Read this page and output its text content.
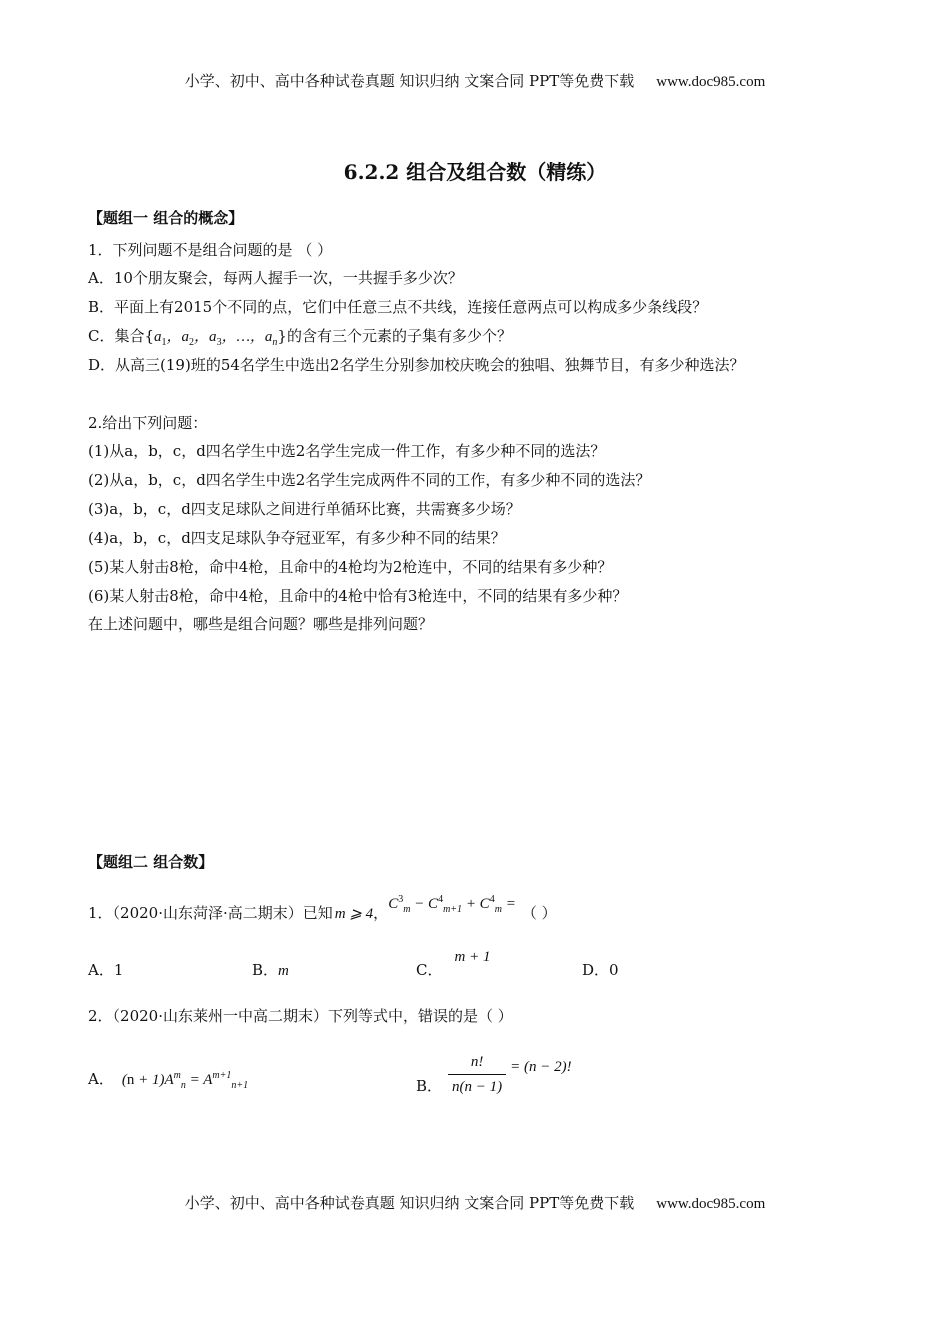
小学、初中、高中各种试卷真题 知识归纳 文案合同 PPT等免费下载 www.doc985.com
6.2.2 组合及组合数（精练）
【题组一 组合的概念】
1．下列问题不是组合问题的是 （ ）
A．10个朋友聚会，每两人握手一次，一共握手多少次？
B．平面上有2015个不同的点，它们中任意三点不共线，连接任意两点可以构成多少条线段？
C．集合{$a_1$，$a_2$，$a_3$，…，$a_n$}的含有三个元素的子集有多少个？
D．从高三(19)班的54名学生中选出2名学生分别参加校庆晚会的独唱、独舞节目，有多少种选法？
2.给出下列问题：
(1)从a，b，c，d四名学生中选2名学生完成一件工作，有多少种不同的选法？
(2)从a，b，c，d四名学生中选2名学生完成两件不同的工作，有多少种不同的选法？
(3)a，b，c，d四支足球队之间进行单循环比赛，共需赛多少场？
(4)a，b，c，d四支足球队争夺冠亚军，有多少种不同的结果？
(5)某人射击8枪，命中4枪，且命中的4枪均为2枪连中，不同的结果有多少种？
(6)某人射击8枪，命中4枪，且命中的4枪中恰有3枪连中，不同的结果有多少种？
在上述问题中，哪些是组合问题？哪些是排列问题？
【题组二 组合数】
1．（2020·山东菏泽·高二期末）已知 m ⩾ 4，$C^3_m - C^4_{m+1} + C^4_m$ = （ ）
A．1	B．m	C．m + 1
D．0
2．（2020·山东莱州一中高二期末）下列等式中，错误的是（ ）
A． $(n + 1)A^m_n = A^{m+1}_{n+1}$	B． $\frac{n!}{n(n - 1)} = (n - 2)$!
小学、初中、高中各种试卷真题 知识归纳 文案合同 PPT等免费下载 www.doc985.com
